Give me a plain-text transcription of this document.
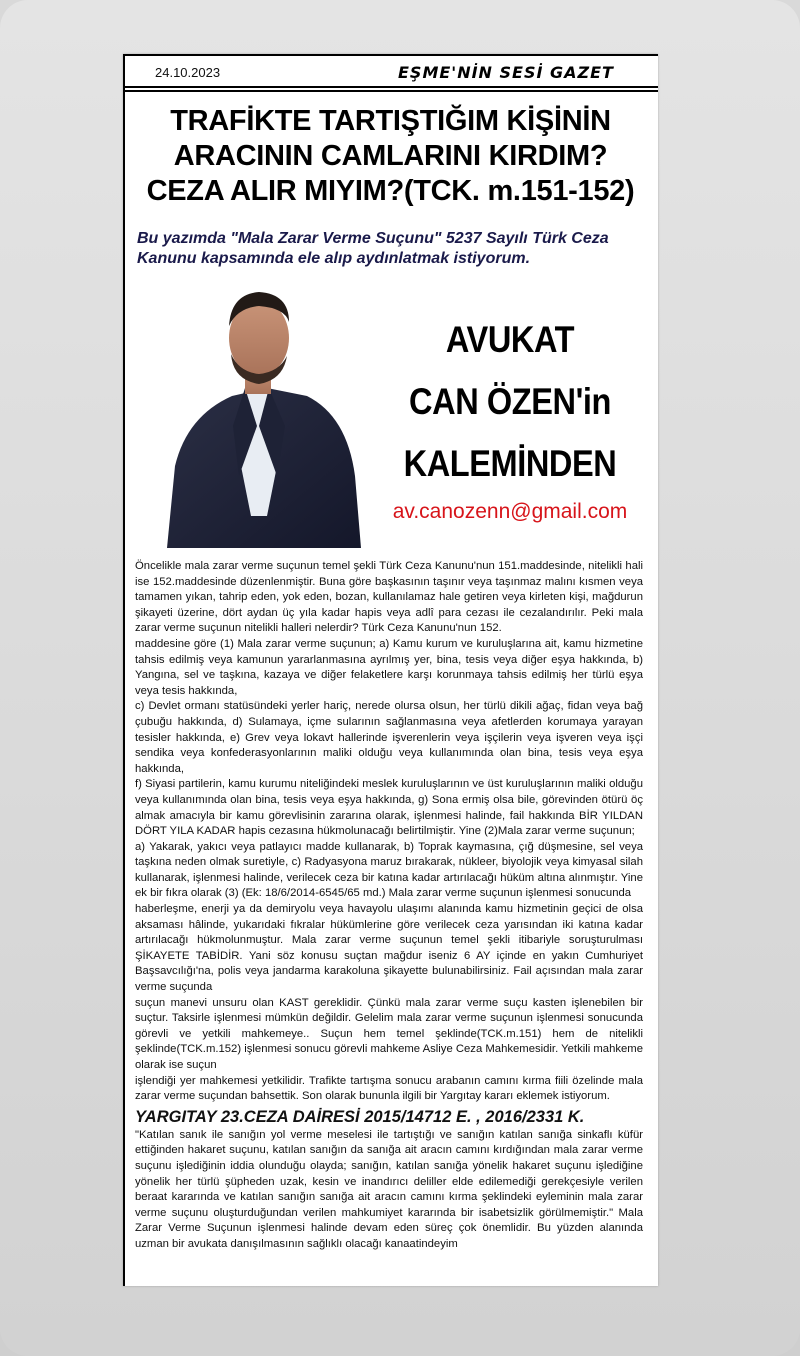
24.10.2023	EŞME'NİN SESİ GAZET
TRAFİKTE TARTIŞTIĞIM KİŞİNİN
ARACININ CAMLARINI KIRDIM?
CEZA ALIR MIYIM?(TCK. m.151-152)
Bu yazımda "Mala Zarar Verme Suçunu" 5237 Sayılı Türk Ceza Kanunu kapsamında ele alıp aydınlatmak istiyorum.
AVUKAT
CAN ÖZEN'in
KALEMİNDEN
av.canozenn@gmail.com

Öncelikle mala zarar verme suçunun temel şekli Türk Ceza Kanunu'nun 151.maddesinde, nitelikli hali ise 152.maddesinde düzenlenmiştir. Buna göre başkasının taşınır veya taşınmaz malını kısmen veya tamamen yıkan, tahrip eden, yok eden, bozan, kullanılamaz hale getiren veya kirleten kişi, mağdurun şikayeti üzerine, dört aydan üç yıla kadar hapis veya adlî para cezası ile cezalandırılır. Peki mala zarar verme suçunun nitelikli halleri nelerdir? Türk Ceza Kanunu'nun 152.

maddesine göre (1) Mala zarar verme suçunun; a) Kamu kurum ve kuruluşlarına ait, kamu hizmetine tahsis edilmiş veya kamunun yararlanmasına ayrılmış yer, bina, tesis veya diğer eşya hakkında, b) Yangına, sel ve taşkına, kazaya ve diğer felaketlere karşı korunmaya tahsis edilmiş her türlü eşya veya tesis hakkında,

c) Devlet ormanı statüsündeki yerler hariç, nerede olursa olsun, her türlü dikili ağaç, fidan veya bağ çubuğu hakkında, d) Sulamaya, içme sularının sağlanmasına veya afetlerden korumaya yarayan tesisler hakkında, e) Grev veya lokavt hallerinde işverenlerin veya işçilerin veya işveren veya işçi sendika veya konfederasyonlarının maliki olduğu veya kullanımında olan bina, tesis veya eşya hakkında,

f) Siyasi partilerin, kamu kurumu niteliğindeki meslek kuruluşlarının ve üst kuruluşlarının maliki olduğu veya kullanımında olan bina, tesis veya eşya hakkında, g) Sona ermiş olsa bile, görevinden ötürü öç almak amacıyla bir kamu görevlisinin zararına olarak, işlenmesi halinde, fail hakkında BİR YILDAN DÖRT YILA KADAR hapis cezasına hükmolunacağı belirtilmiştir. Yine (2)Mala zarar verme suçunun;

a) Yakarak, yakıcı veya patlayıcı madde kullanarak, b) Toprak kaymasına, çığ düşmesine, sel veya taşkına neden olmak suretiyle, c) Radyasyona maruz bırakarak, nükleer, biyolojik veya kimyasal silah kullanarak, işlenmesi halinde, verilecek ceza bir katına kadar artırılacağı hüküm altına alınmıştır. Yine ek bir fıkra olarak (3) (Ek: 18/6/2014-6545/65 md.) Mala zarar verme suçunun işlenmesi sonucunda

haberleşme, enerji ya da demiryolu veya havayolu ulaşımı alanında kamu hizmetinin geçici de olsa aksaması hâlinde, yukarıdaki fıkralar hükümlerine göre verilecek ceza yarısından iki katına kadar artırılacağı hükmolunmuştur. Mala zarar verme suçunun temel şekli itibariyle soruşturulması ŞİKAYETE TABİDİR. Yani söz konusu suçtan mağdur iseniz 6 AY içinde en yakın Cumhuriyet Başsavcılığı'na, polis veya jandarma karakoluna şikayette bulunabilirsiniz. Fail açısından mala zarar verme suçunda

suçun manevi unsuru olan KAST gereklidir. Çünkü mala zarar verme suçu kasten işlenebilen bir suçtur. Taksirle işlenmesi mümkün değildir. Gelelim mala zarar verme suçunun işlenmesi sonucunda görevli ve yetkili mahkemeye.. Suçun hem temel şeklinde(TCK.m.151) hem de nitelikli şeklinde(TCK.m.152) işlenmesi sonucu görevli mahkeme Asliye Ceza Mahkemesidir. Yetkili mahkeme olarak ise suçun

işlendiği yer mahkemesi yetkilidir. Trafikte tartışma sonucu arabanın camını kırma fiili özelinde mala zarar verme suçundan bahsettik. Son olarak bununla ilgili bir Yargıtay kararı eklemek istiyorum.

YARGITAY 23.CEZA DAİRESİ 2015/14712 E. , 2016/2331 K.

"Katılan sanık ile sanığın yol verme meselesi ile tartıştığı ve sanığın katılan sanığa sinkaflı küfür ettiğinden hakaret suçunu, katılan sanığın da sanığa ait aracın camını kırdığından mala zarar verme suçunu işlediğinin iddia olunduğu olayda; sanığın, katılan sanığa yönelik hakaret suçunu işlediğine yönelik her türlü şüpheden uzak, kesin ve inandırıcı deliller elde edilemediği gerekçesiyle verilen beraat kararında ve katılan sanığın sanığa ait aracın camını kırma şeklindeki eyleminin mala zarar verme suçunu oluşturduğundan verilen mahkumiyet kararında bir isabetsizlik görülmemiştir." Mala Zarar Verme Suçunun işlenmesi halinde devam eden süreç çok önemlidir. Bu yüzden alanında uzman bir avukata danışılmasının sağlıklı olacağı kanaatindeyim
